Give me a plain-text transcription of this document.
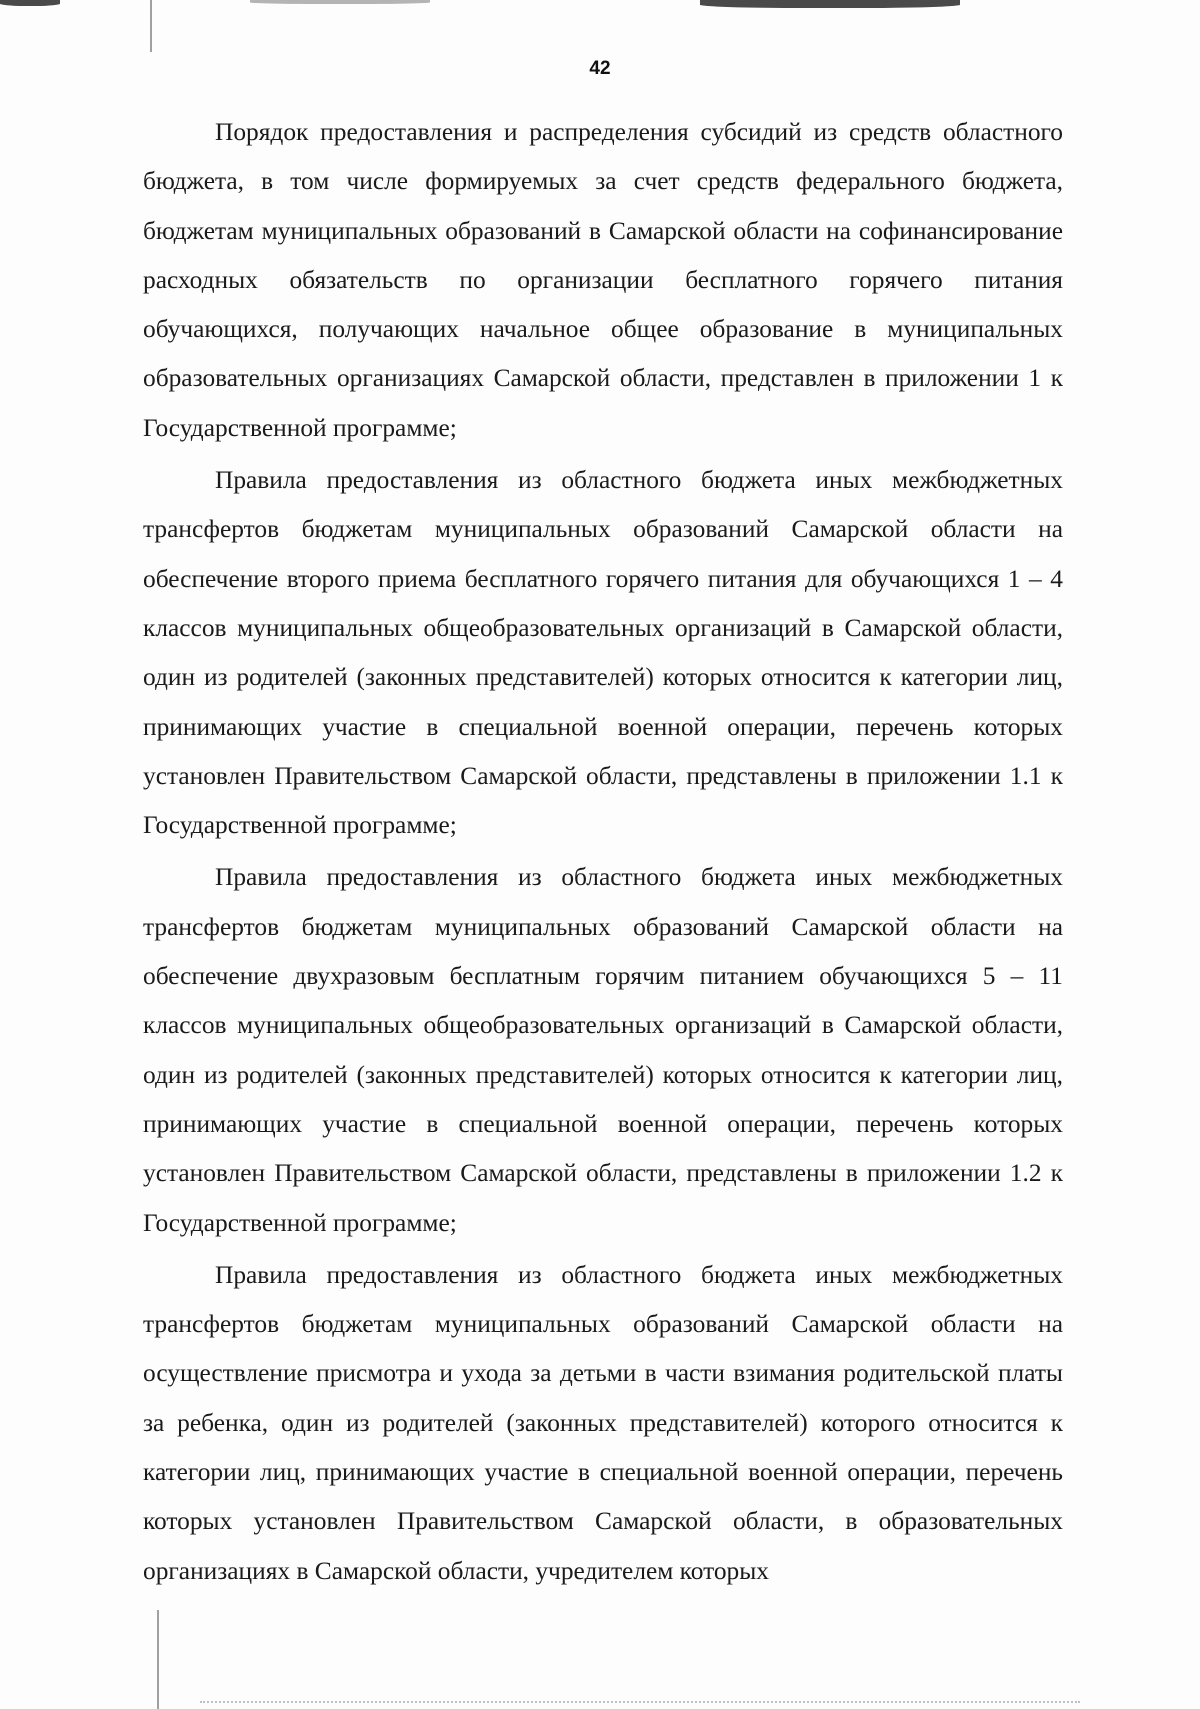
42

Порядок предоставления и распределения субсидий из средств областного бюджета, в том числе формируемых за счет средств федерального бюджета, бюджетам муниципальных образований в Самарской области на софинансирование расходных обязательств по организации бесплатного горячего питания обучающихся, получающих начальное общее образование в муниципальных образовательных организациях Самарской области, представлен в приложении 1 к Государственной программе;

Правила предоставления из областного бюджета иных межбюджетных трансфертов бюджетам муниципальных образований Самарской области на обеспечение второго приема бесплатного горячего питания для обучающихся 1 – 4 классов муниципальных общеобразовательных организаций в Самарской области, один из родителей (законных представителей) которых относится к категории лиц, принимающих участие в специальной военной операции, перечень которых установлен Правительством Самарской области, представлены в приложении 1.1 к Государственной программе;

Правила предоставления из областного бюджета иных межбюджетных трансфертов бюджетам муниципальных образований Самарской области на обеспечение двухразовым бесплатным горячим питанием обучающихся 5 – 11 классов муниципальных общеобразовательных организаций в Самарской области, один из родителей (законных представителей) которых относится к категории лиц, принимающих участие в специальной военной операции, перечень которых установлен Правительством Самарской области, представлены в приложении 1.2 к Государственной программе;

Правила предоставления из областного бюджета иных межбюджетных трансфертов бюджетам муниципальных образований Самарской области на осуществление присмотра и ухода за детьми в части взимания родительской платы за ребенка, один из родителей (законных представителей) которого относится к категории лиц, принимающих участие в специальной военной операции, перечень которых установлен Правительством Самарской области, в образовательных организациях в Самарской области, учредителем которых
